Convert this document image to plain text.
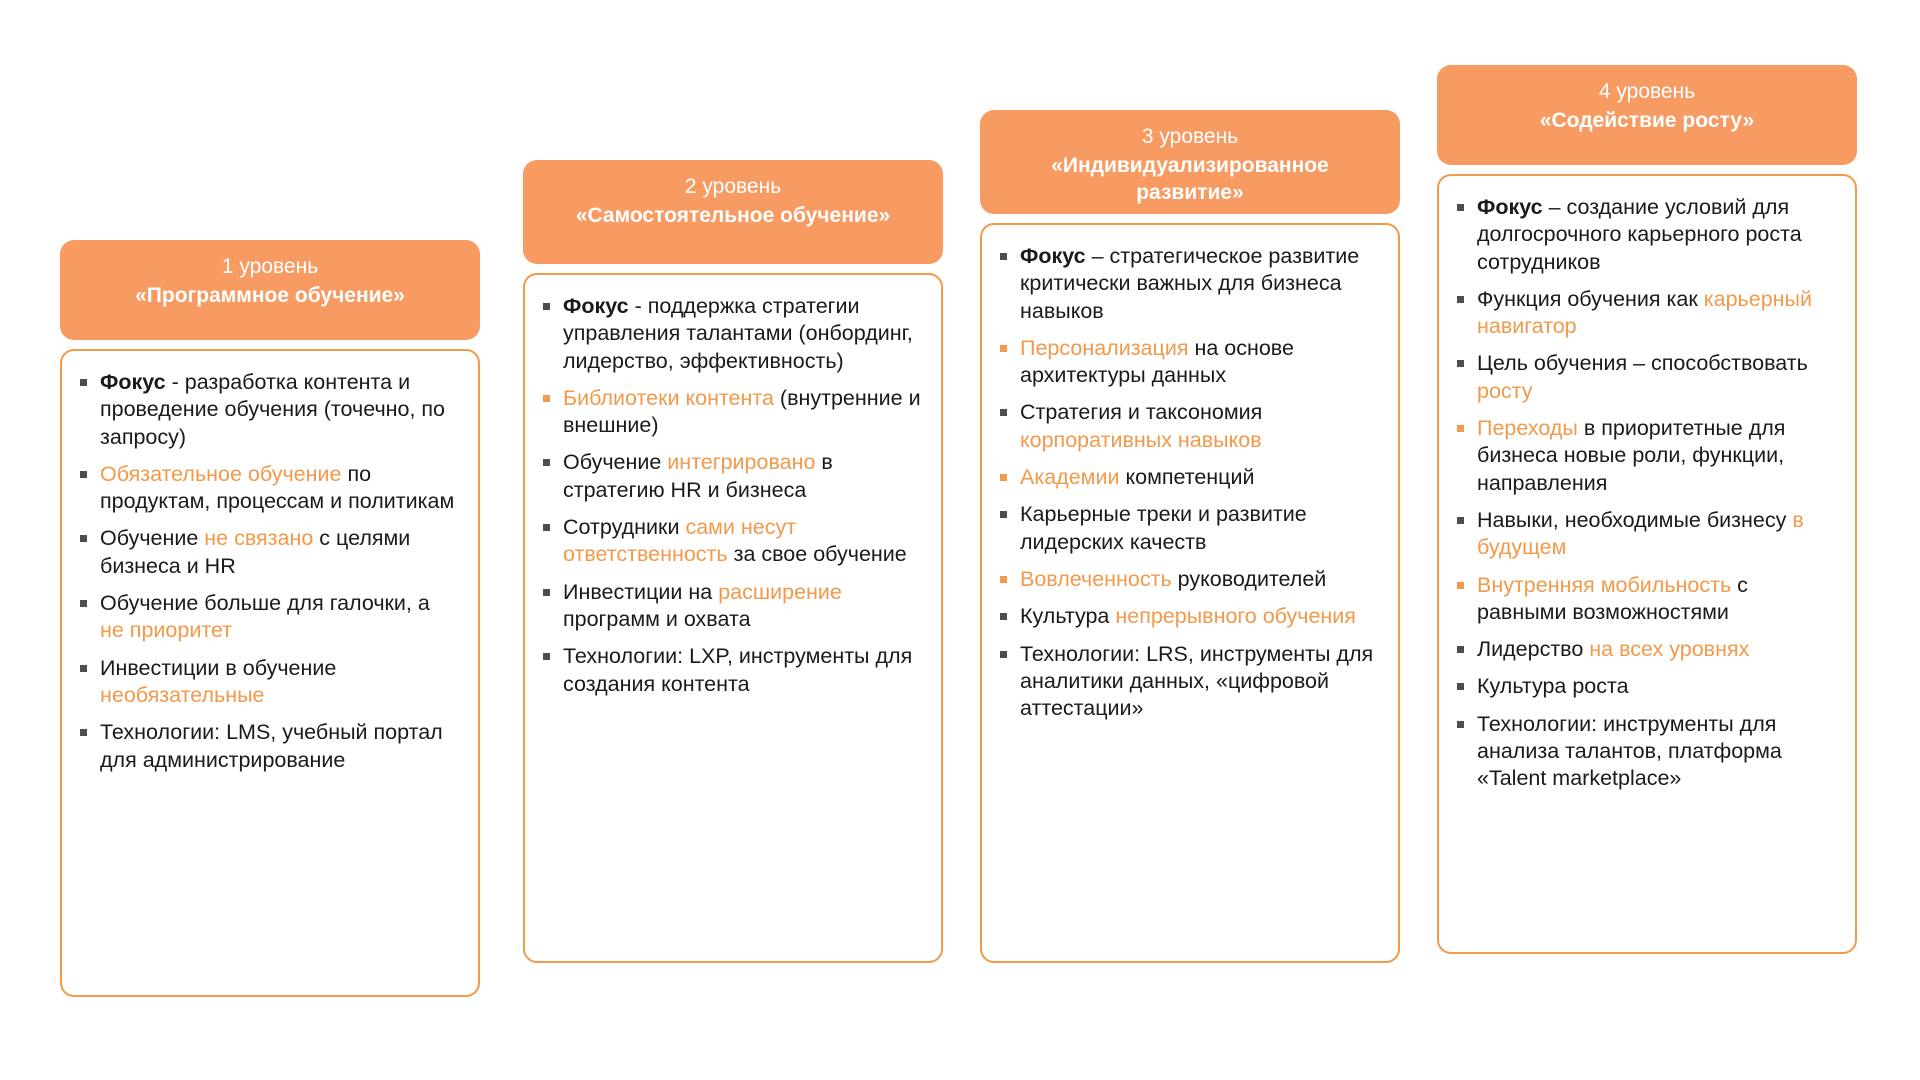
1 уровень
«Программное обучение»
Фокус - разработка контента и проведение обучения (точечно, по запросу)
Обязательное обучение по продуктам, процессам и политикам
Обучение не связано с целями бизнеса и HR
Обучение больше для галочки, а не приоритет
Инвестиции в обучение необязательные
Технологии: LMS, учебный портал для администрирование
2 уровень
«Самостоятельное обучение»
Фокус - поддержка стратегии управления талантами (онбординг, лидерство, эффективность)
Библиотеки контента (внутренние и внешние)
Обучение интегрировано в стратегию HR и бизнеса
Сотрудники сами несут ответственность за свое обучение
Инвестиции на расширение программ и охвата
Технологии: LXP, инструменты для создания контента
3 уровень
«Индивидуализированное развитие»
Фокус – стратегическое развитие критически важных для бизнеса навыков
Персонализация на основе архитектуры данных
Стратегия и таксономия корпоративных навыков
Академии компетенций
Карьерные треки и развитие лидерских качеств
Вовлеченность руководителей
Культура непрерывного обучения
Технологии: LRS, инструменты для аналитики данных, «цифровой аттестации»
4 уровень
«Содействие росту»
Фокус – создание условий для долгосрочного карьерного роста сотрудников
Функция обучения как карьерный навигатор
Цель обучения – способствовать росту
Переходы в приоритетные для бизнеса новые роли, функции, направления
Навыки, необходимые бизнесу в будущем
Внутренняя мобильность с равными возможностями
Лидерство на всех уровнях
Культура роста
Технологии: инструменты для анализа талантов, платформа «Talent marketplace»
